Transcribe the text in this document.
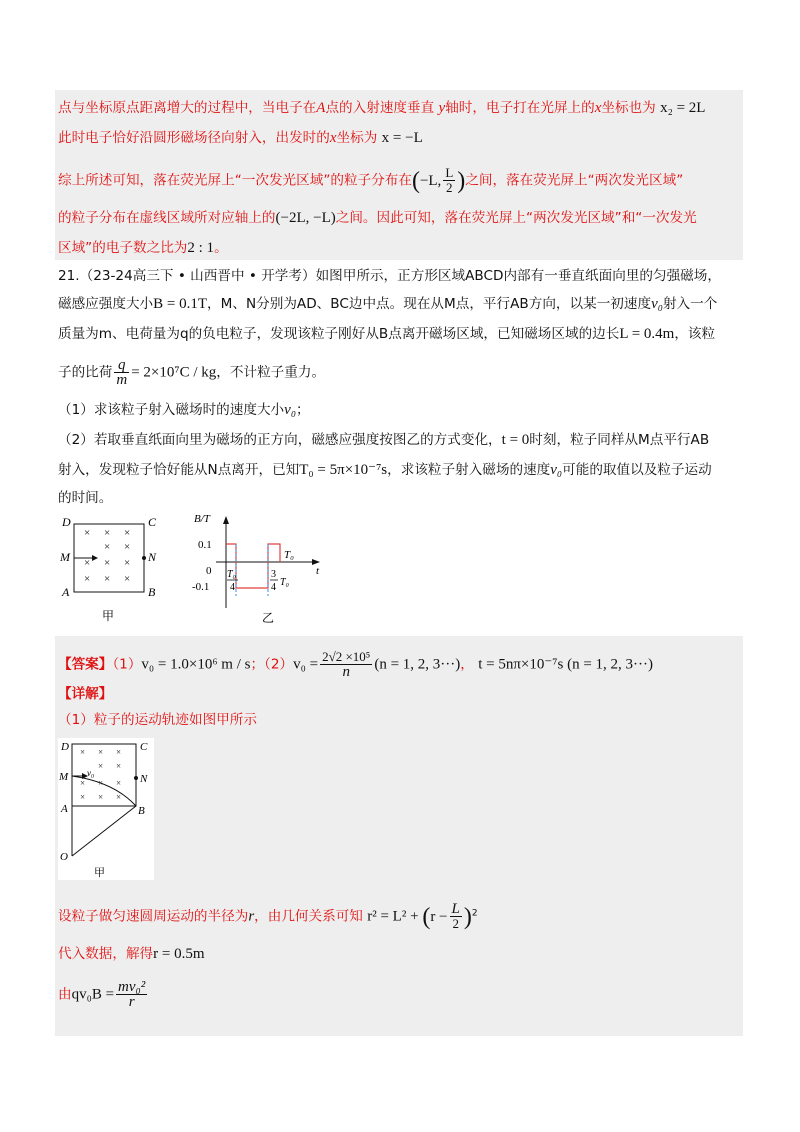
点与坐标原点距离增大的过程中，当电子在A点的入射速度垂直 y轴时，电子打在光屏上的x坐标也为 x₂ = 2L
此时电子恰好沿圆形磁场径向射入，出发时的x坐标为 x = −L
综上所述可知，落在荧光屏上“一次发光区域”的粒子分布在(−L, $\frac{L}{2}$ )之间，落在荧光屏上“两次发光区域”
的粒子分布在虚线区域所对应轴上的(−2L, −L)之间。因此可知，落在荧光屏上“两次发光区域”和“一次发光
区域”的电子数之比为2 : 1。
21.（23-24高三下 • 山西晋中 • 开学考）如图甲所示，正方形区域ABCD内部有一垂直纸面向里的匀强磁场，
磁感应强度大小B = 0.1T，M、N分别为AD、BC边中点。现在从M点，平行AB方向，以某一初速度v₀射入一个
质量为m、电荷量为q的负电粒子，发现该粒子刚好从B点离开磁场区域，已知磁场区域的边长L = 0.4m，该粒
子的比荷 $\frac{q}{m} = 2\times 10^7C$ / kg，不计粒子重力。
（1）求该粒子射入磁场时的速度大小v₀；
（2）若取垂直纸面向里为磁场的正方向，磁感应强度按图乙的方式变化，t = 0时刻，粒子同样从M点平行AB
射入，发现粒子恰好能从N点离开，已知T₀ = 5π×10⁻⁷s，求该粒子射入磁场的速度v₀可能的取值以及粒子运动
的时间。
D	C
M	N
A	B
× × ×
× ×
× × ×
× × ×
甲
B/T
0.1
0
-0.1
T₀
t
T₀
4
3
4 T₀
乙
【答案】（1）v₀ = 1.0×10⁶ m / s；$(2)v_0 = \frac{\text{2√2 ×10⁵}}{n} (n = 1$, 2, 3···)， t = 5nπ×10⁻⁷s (n = 1, 2, 3···)
【详解】
（1）粒子的运动轨迹如图甲所示
D	C
M	N
A	B
O
v₀
× × ×
× ×
× × ×
× × ×
甲
设粒子做匀速圆周运动的半径为r，由几何关系可知 $r^2 = L^2 + (r - \frac{L}{2} )^2$
代入数据，解得r = 0.5m
由$qv_0B = \frac{\text{mv₀²}}{r}$
